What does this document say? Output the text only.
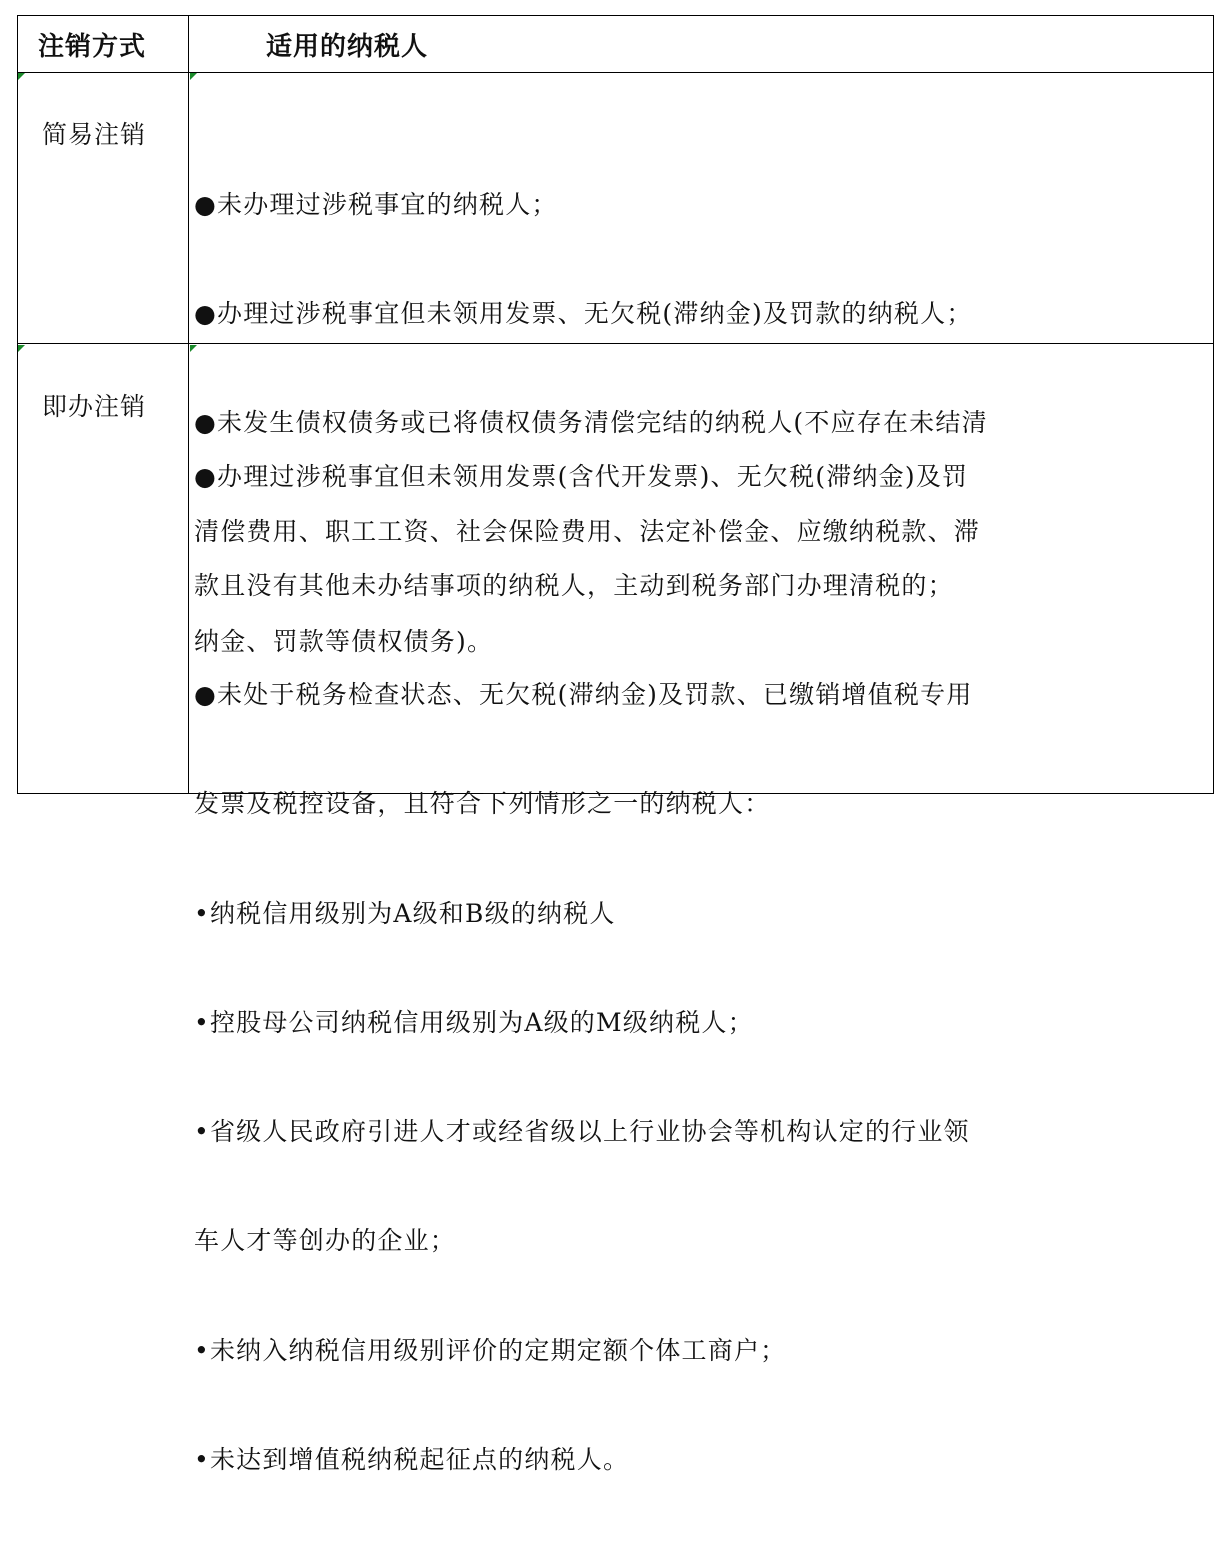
注销方式	适用的纳税人
简易注销

●未办理过涉税事宜的纳税人；

●办理过涉税事宜但未领用发票、无欠税(滞纳金)及罚款的纳税人；

●未发生债权债务或已将债权债务清偿完结的纳税人(不应存在未结清

清偿费用、职工工资、社会保险费用、法定补偿金、应缴纳税款、滞

纳金、罚款等债权债务)。

即办注销

●办理过涉税事宜但未领用发票(含代开发票)、无欠税(滞纳金)及罚

款且没有其他未办结事项的纳税人，主动到税务部门办理清税的；

●未处于税务检查状态、无欠税(滞纳金)及罚款、已缴销增值税专用

发票及税控设备，且符合下列情形之一的纳税人：

•纳税信用级别为A级和B级的纳税人

•控股母公司纳税信用级别为A级的M级纳税人；

•省级人民政府引进人才或经省级以上行业协会等机构认定的行业领

车人才等创办的企业；

•未纳入纳税信用级别评价的定期定额个体工商户；

•未达到增值税纳税起征点的纳税人。
